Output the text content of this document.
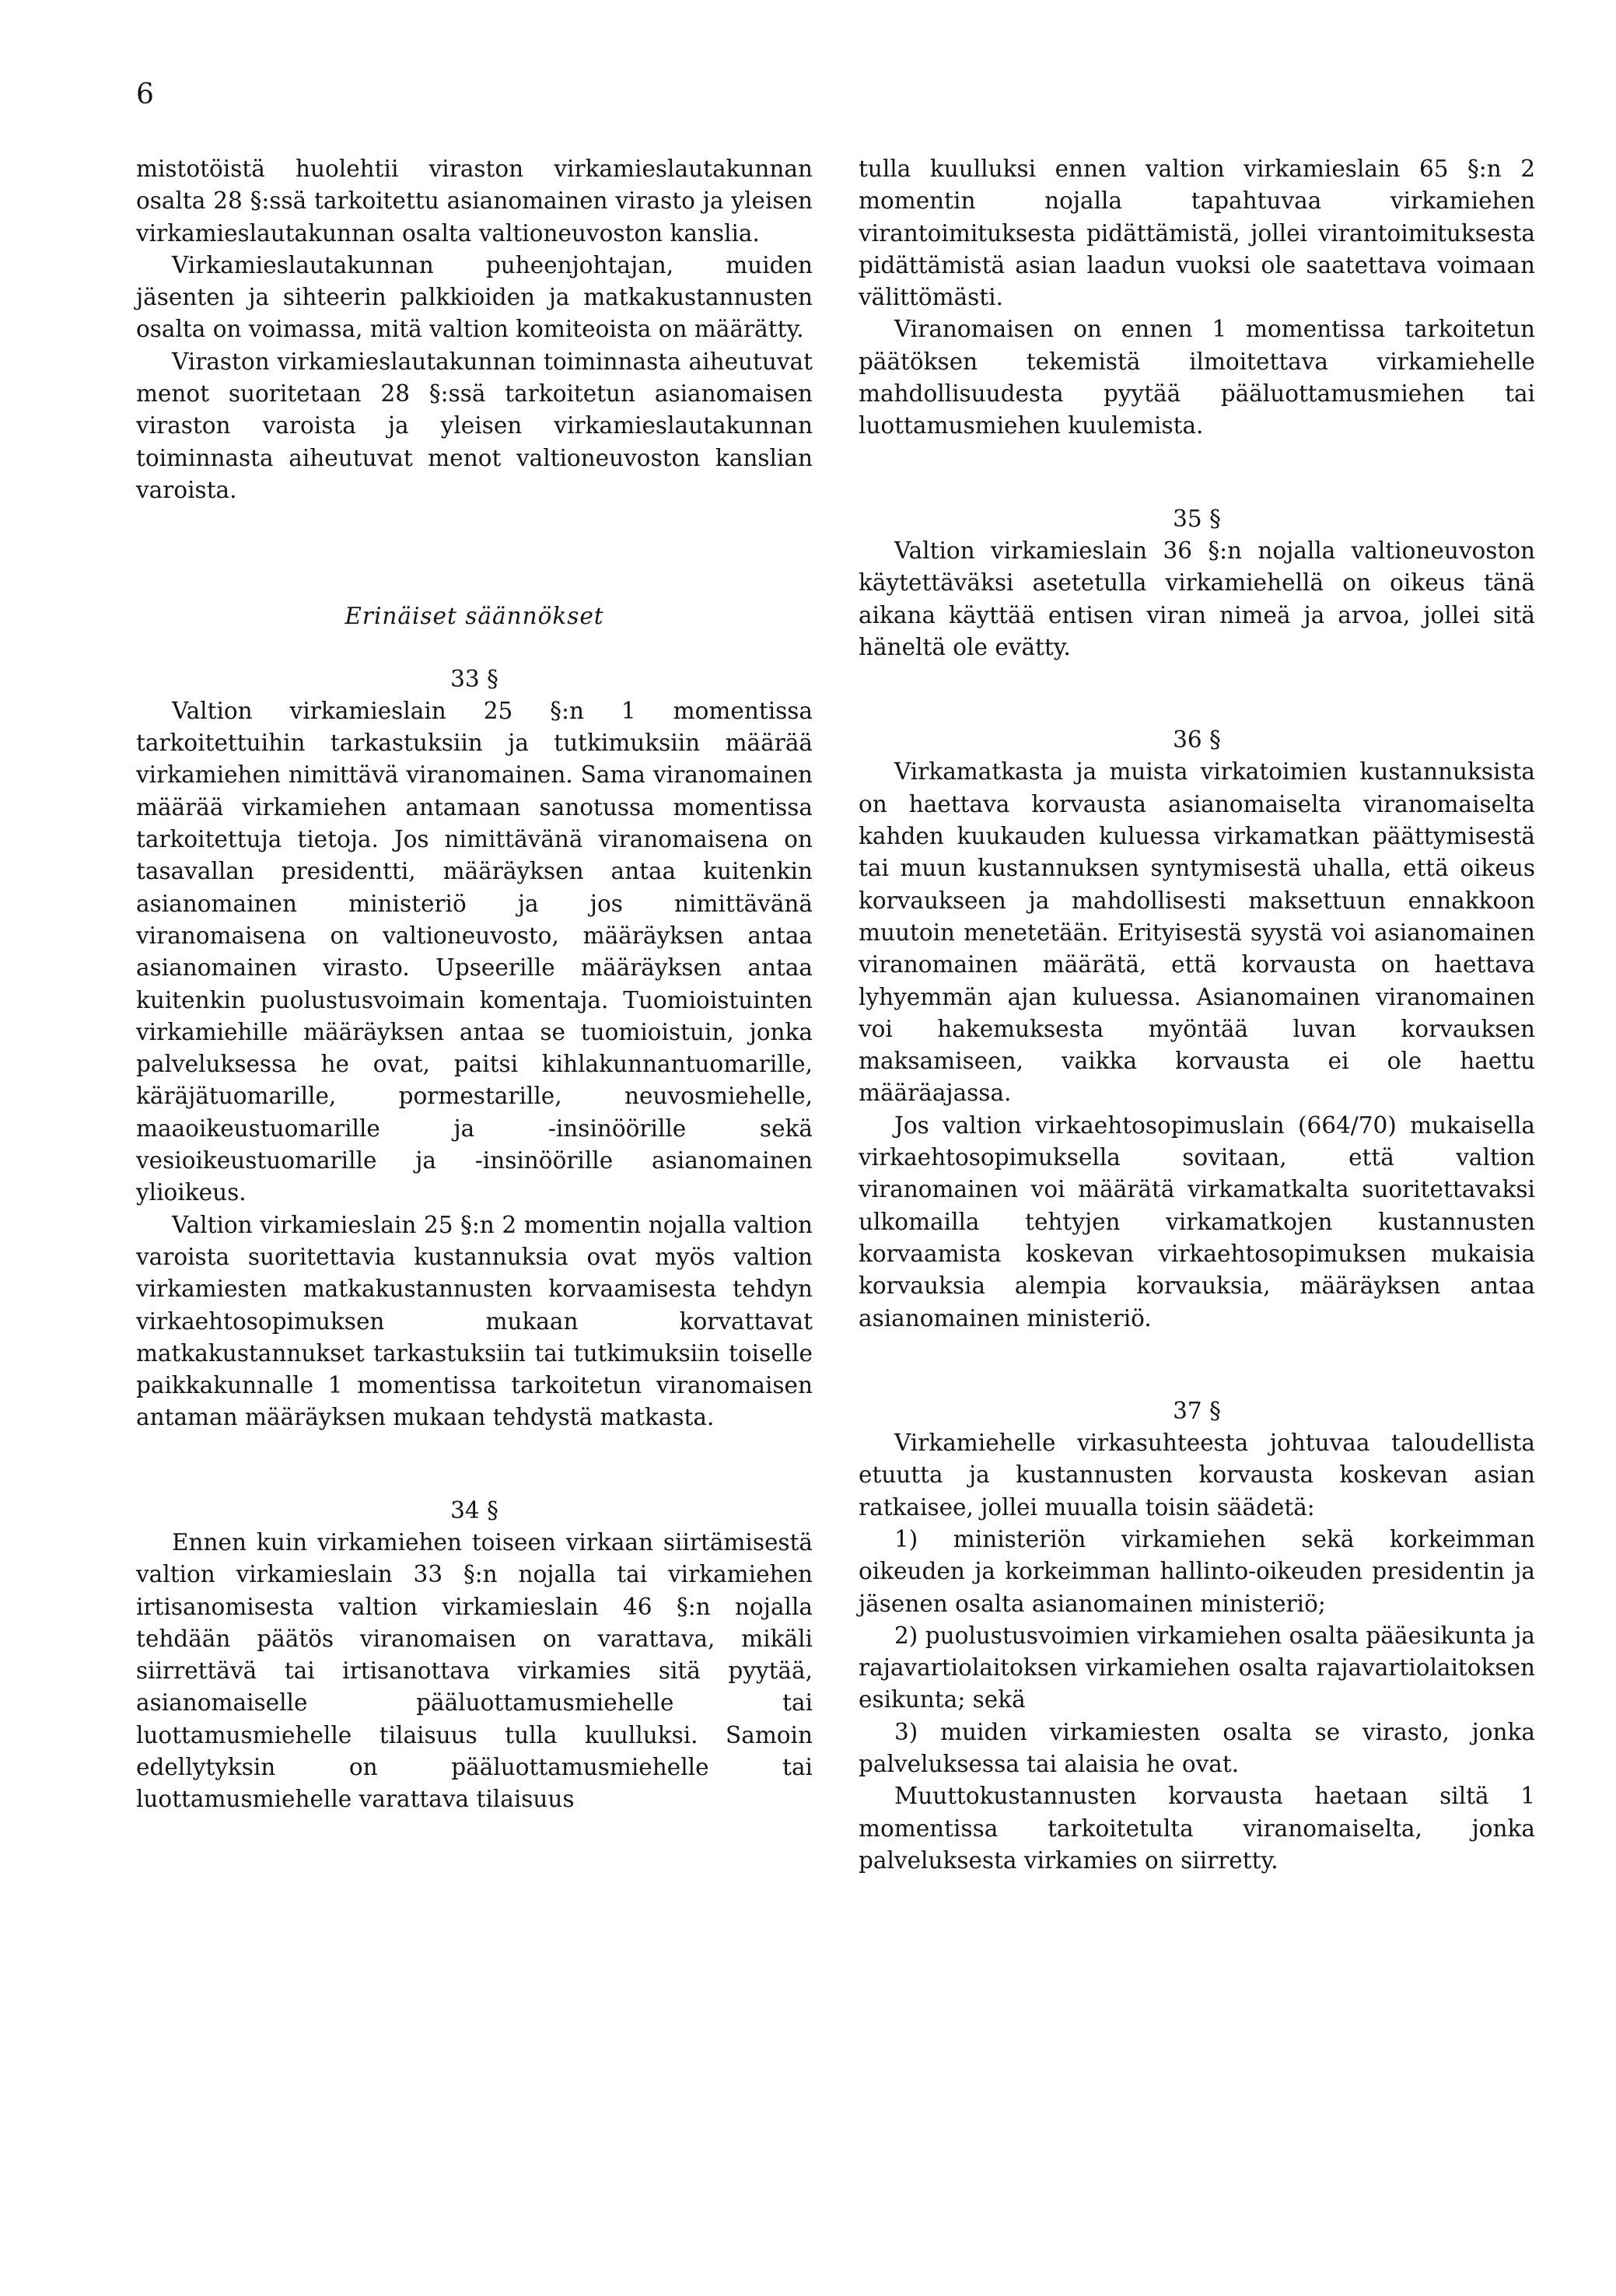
6

mistotöistä huolehtii viraston virkamieslautakunnan osalta 28 §:ssä tarkoitettu asianomainen virasto ja yleisen virkamieslautakunnan osalta valtioneuvoston kanslia.

Virkamieslautakunnan puheenjohtajan, muiden jäsenten ja sihteerin palkkioiden ja matkakustannusten osalta on voimassa, mitä valtion komiteoista on määrätty.

Viraston virkamieslautakunnan toiminnasta aiheutuvat menot suoritetaan 28 §:ssä tarkoitetun asianomaisen viraston varoista ja yleisen virkamieslautakunnan toiminnasta aiheutuvat menot valtioneuvoston kanslian varoista.

Erinäiset säännökset
33 §

Valtion virkamieslain 25 §:n 1 momentissa tarkoitettuihin tarkastuksiin ja tutkimuksiin määrää virkamiehen nimittävä viranomainen. Sama viranomainen määrää virkamiehen antamaan sanotussa momentissa tarkoitettuja tietoja. Jos nimittävänä viranomaisena on tasavallan presidentti, määräyksen antaa kuitenkin asianomainen ministeriö ja jos nimittävänä viranomaisena on valtioneuvosto, määräyksen antaa asianomainen virasto. Upseerille määräyksen antaa kuitenkin puolustusvoimain komentaja. Tuomioistuinten virkamiehille määräyksen antaa se tuomioistuin, jonka palveluksessa he ovat, paitsi kihlakunnantuomarille, käräjätuomarille, pormestarille, neuvosmiehelle, maaoikeustuomarille ja -insinöörille sekä vesioikeustuomarille ja -insinöörille asianomainen ylioikeus.

Valtion virkamieslain 25 §:n 2 momentin nojalla valtion varoista suoritettavia kustannuksia ovat myös valtion virkamiesten matkakustannusten korvaamisesta tehdyn virkaehtosopimuksen mukaan korvattavat matkakustannukset tarkastuksiin tai tutkimuksiin toiselle paikkakunnalle 1 momentissa tarkoitetun viranomaisen antaman määräyksen mukaan tehdystä matkasta.

34 §

Ennen kuin virkamiehen toiseen virkaan siirtämisestä valtion virkamieslain 33 §:n nojalla tai virkamiehen irtisanomisesta valtion virkamieslain 46 §:n nojalla tehdään päätös viranomaisen on varattava, mikäli siirrettävä tai irtisanottava virkamies sitä pyytää, asianomaiselle pääluottamusmiehelle tai luottamusmiehelle tilaisuus tulla kuulluksi. Samoin edellytyksin on pääluottamusmiehelle tai luottamusmiehelle varattava tilaisuus

tulla kuulluksi ennen valtion virkamieslain 65 §:n 2 momentin nojalla tapahtuvaa virkamiehen virantoimituksesta pidättämistä, jollei virantoimituksesta pidättämistä asian laadun vuoksi ole saatettava voimaan välittömästi.

Viranomaisen on ennen 1 momentissa tarkoitetun päätöksen tekemistä ilmoitettava virkamiehelle mahdollisuudesta pyytää pääluottamusmiehen tai luottamusmiehen kuulemista.

35 §

Valtion virkamieslain 36 §:n nojalla valtioneuvoston käytettäväksi asetetulla virkamiehellä on oikeus tänä aikana käyttää entisen viran nimeä ja arvoa, jollei sitä häneltä ole evätty.

36 §

Virkamatkasta ja muista virkatoimien kustannuksista on haettava korvausta asianomaiselta viranomaiselta kahden kuukauden kuluessa virkamatkan päättymisestä tai muun kustannuksen syntymisestä uhalla, että oikeus korvaukseen ja mahdollisesti maksettuun ennakkoon muutoin menetetään. Erityisestä syystä voi asianomainen viranomainen määrätä, että korvausta on haettava lyhyemmän ajan kuluessa. Asianomainen viranomainen voi hakemuksesta myöntää luvan korvauksen maksamiseen, vaikka korvausta ei ole haettu määräajassa.

Jos valtion virkaehtosopimuslain (664/70) mukaisella virkaehtosopimuksella sovitaan, että valtion viranomainen voi määrätä virkamatkalta suoritettavaksi ulkomailla tehtyjen virkamatkojen kustannusten korvaamista koskevan virkaehtosopimuksen mukaisia korvauksia alempia korvauksia, määräyksen antaa asianomainen ministeriö.

37 §

Virkamiehelle virkasuhteesta johtuvaa taloudellista etuutta ja kustannusten korvausta koskevan asian ratkaisee, jollei muualla toisin säädetä:

1) ministeriön virkamiehen sekä korkeimman oikeuden ja korkeimman hallinto-oikeuden presidentin ja jäsenen osalta asianomainen ministeriö;

2) puolustusvoimien virkamiehen osalta pääesikunta ja rajavartiolaitoksen virkamiehen osalta rajavartiolaitoksen esikunta; sekä

3) muiden virkamiesten osalta se virasto, jonka palveluksessa tai alaisia he ovat.

Muuttokustannusten korvausta haetaan siltä 1 momentissa tarkoitetulta viranomaiselta, jonka palveluksesta virkamies on siirretty.
